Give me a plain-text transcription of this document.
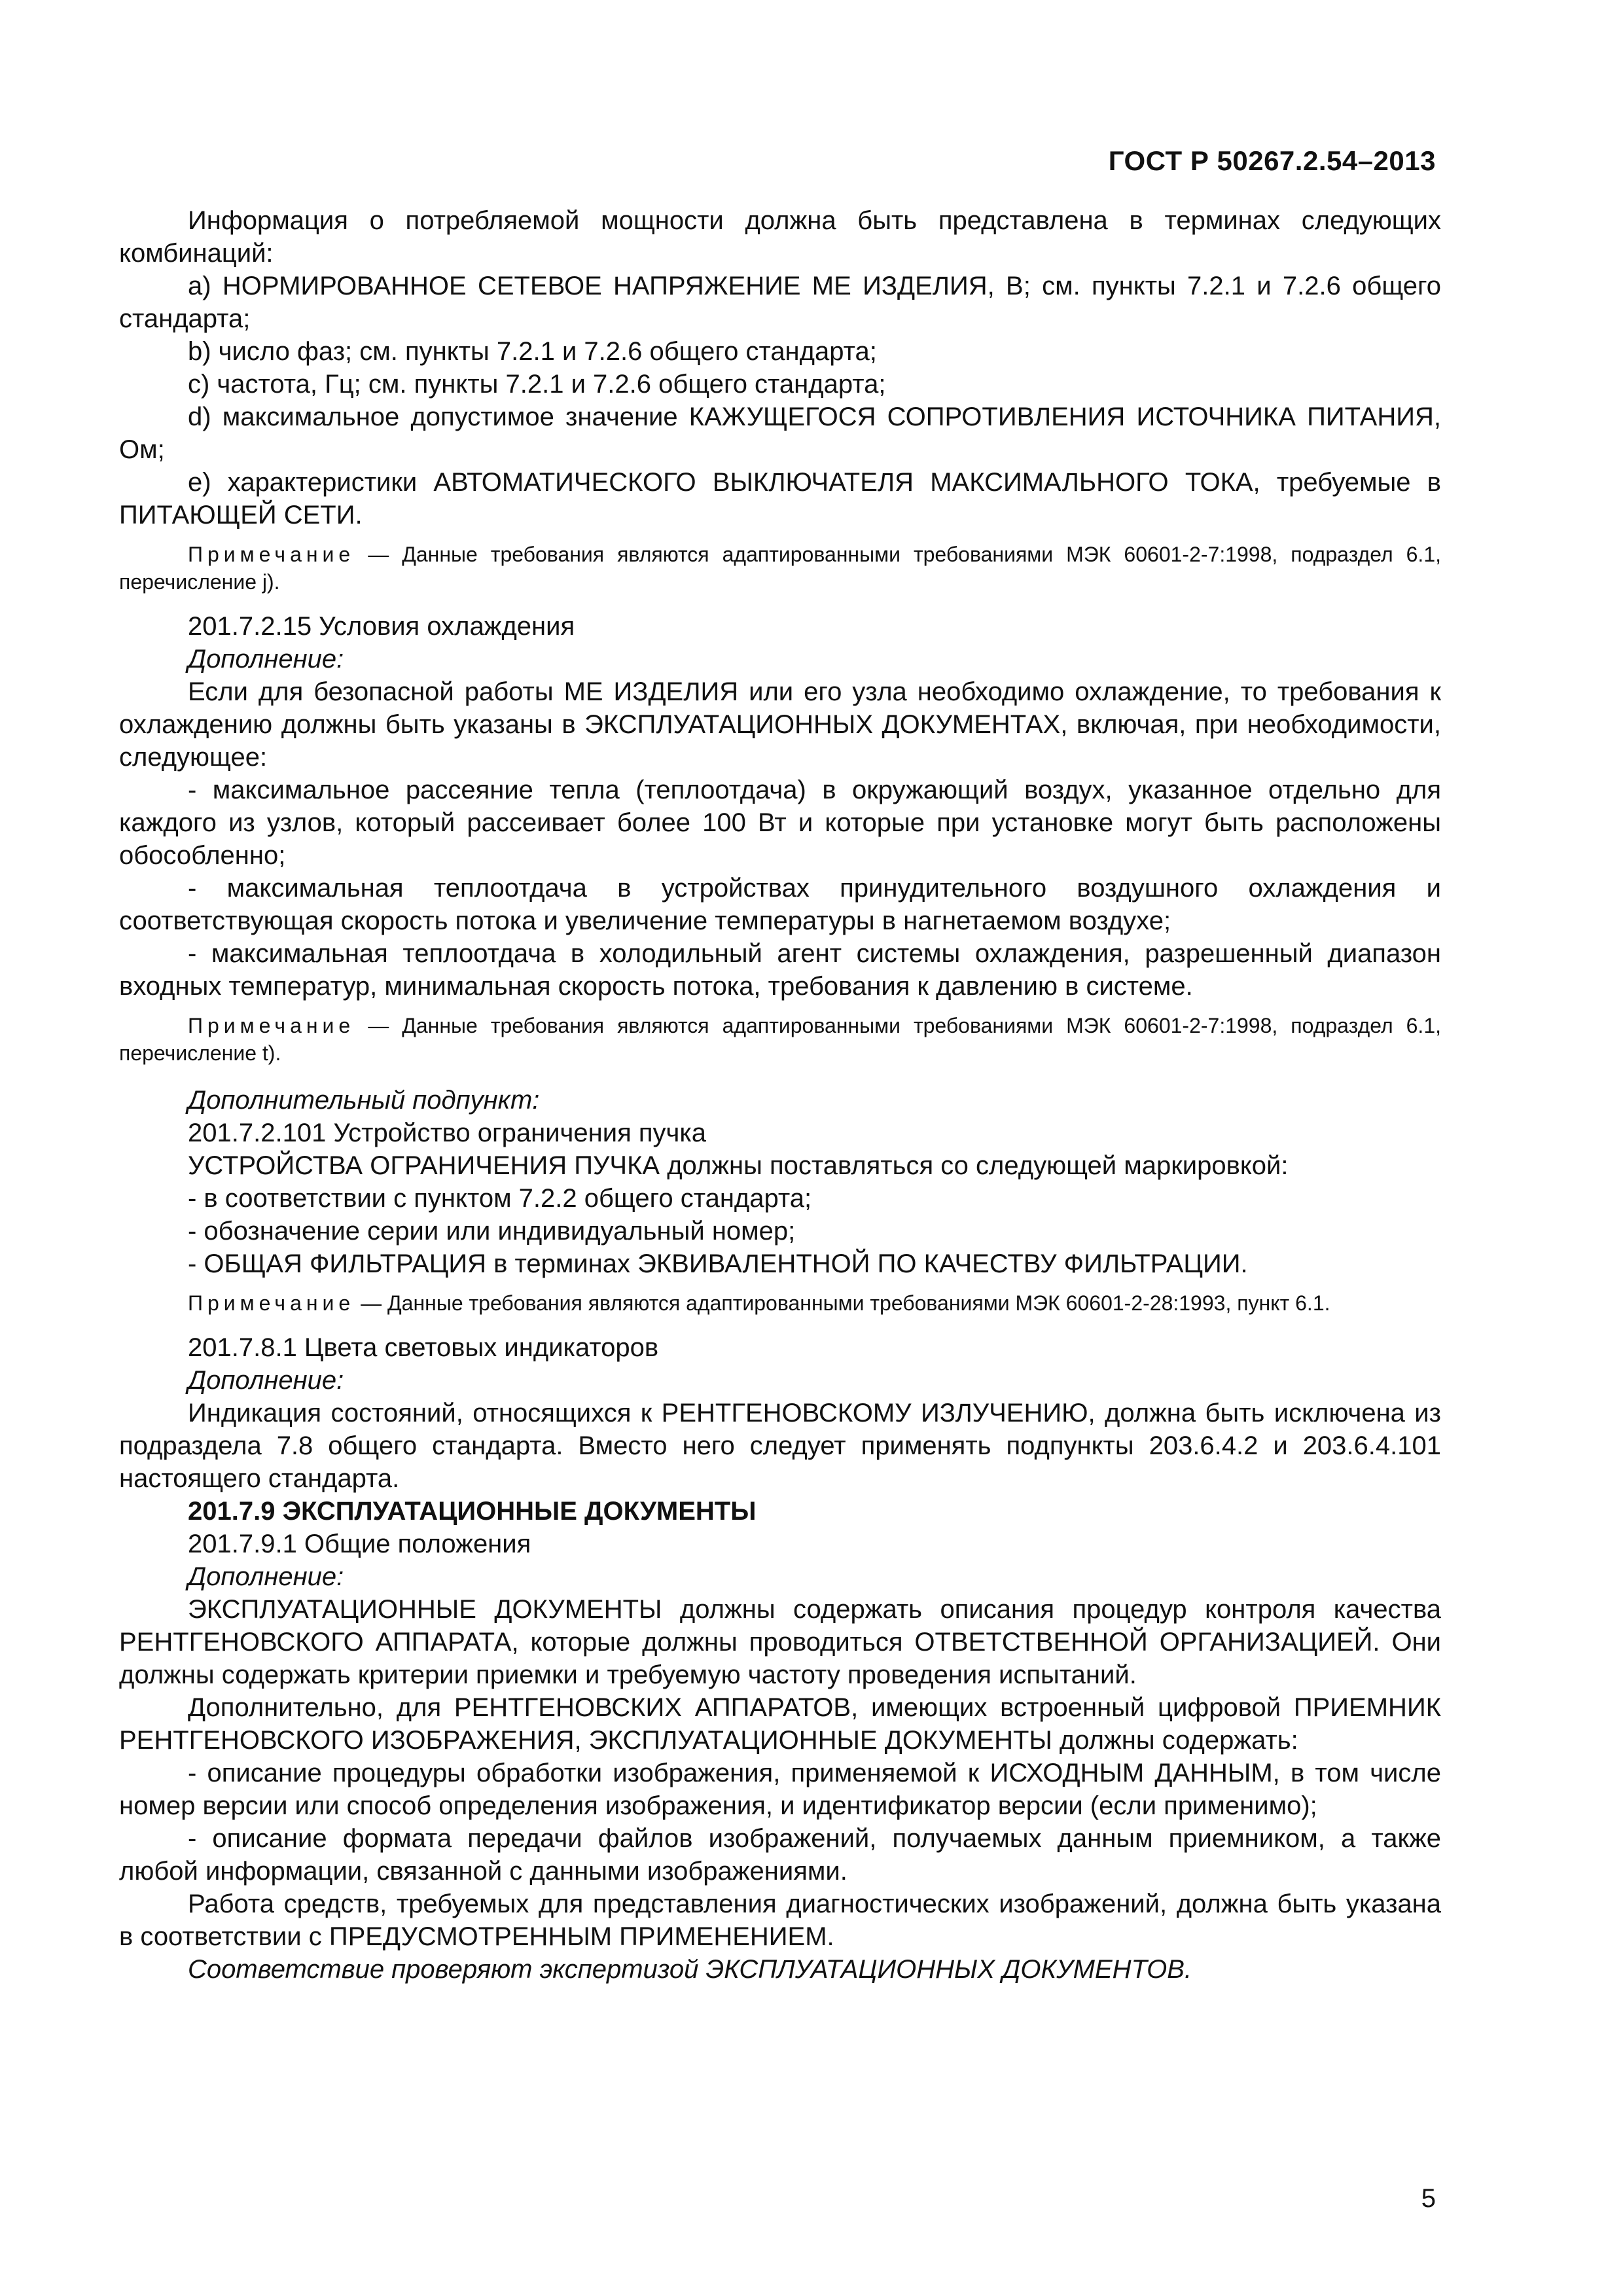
ГОСТ Р 50267.2.54–2013

Информация о потребляемой мощности должна быть представлена в терминах следующих комбинаций:

a) НОРМИРОВАННОЕ СЕТЕВОЕ НАПРЯЖЕНИЕ МЕ ИЗДЕЛИЯ, В; см. пункты 7.2.1 и 7.2.6 общего стандарта;

b) число фаз; см. пункты 7.2.1 и 7.2.6 общего стандарта;

c) частота, Гц; см. пункты 7.2.1 и 7.2.6 общего стандарта;

d) максимальное допустимое значение КАЖУЩЕГОСЯ СОПРОТИВЛЕНИЯ ИСТОЧНИКА ПИТАНИЯ, Ом;

e) характеристики АВТОМАТИЧЕСКОГО ВЫКЛЮЧАТЕЛЯ МАКСИМАЛЬНОГО ТОКА, требуемые в ПИТАЮЩЕЙ СЕТИ.

Примечание — Данные требования являются адаптированными требованиями МЭК 60601-2-7:1998, подраздел 6.1, перечисление j).

201.7.2.15 Условия охлаждения

Дополнение:

Если для безопасной работы МЕ ИЗДЕЛИЯ или его узла необходимо охлаждение, то требования к охлаждению должны быть указаны в ЭКСПЛУАТАЦИОННЫХ ДОКУМЕНТАХ, включая, при необходимости, следующее:

- максимальное рассеяние тепла (теплоотдача) в окружающий воздух, указанное отдельно для каждого из узлов, который рассеивает более 100 Вт и которые при установке могут быть расположены обособленно;

- максимальная теплоотдача в устройствах принудительного воздушного охлаждения и соответствующая скорость потока и увеличение температуры в нагнетаемом воздухе;

- максимальная теплоотдача в холодильный агент системы охлаждения, разрешенный диапазон входных температур, минимальная скорость потока, требования к давлению в системе.

Примечание — Данные требования являются адаптированными требованиями МЭК 60601-2-7:1998, подраздел 6.1, перечисление t).

Дополнительный подпункт:

201.7.2.101 Устройство ограничения пучка

УСТРОЙСТВА ОГРАНИЧЕНИЯ ПУЧКА должны поставляться со следующей маркировкой:

- в соответствии с пунктом 7.2.2 общего стандарта;

- обозначение серии или индивидуальный номер;

- ОБЩАЯ ФИЛЬТРАЦИЯ в терминах ЭКВИВАЛЕНТНОЙ ПО КАЧЕСТВУ ФИЛЬТРАЦИИ.

Примечание — Данные требования являются адаптированными требованиями МЭК 60601-2-28:1993, пункт 6.1.

201.7.8.1 Цвета световых индикаторов

Дополнение:

Индикация состояний, относящихся к РЕНТГЕНОВСКОМУ ИЗЛУЧЕНИЮ, должна быть исключена из подраздела 7.8 общего стандарта. Вместо него следует применять подпункты 203.6.4.2 и 203.6.4.101 настоящего стандарта.

201.7.9 ЭКСПЛУАТАЦИОННЫЕ ДОКУМЕНТЫ

201.7.9.1 Общие положения

Дополнение:

ЭКСПЛУАТАЦИОННЫЕ ДОКУМЕНТЫ должны содержать описания процедур контроля качества РЕНТГЕНОВСКОГО АППАРАТА, которые должны проводиться ОТВЕТСТВЕННОЙ ОРГАНИЗАЦИЕЙ. Они должны содержать критерии приемки и требуемую частоту проведения испытаний.

Дополнительно, для РЕНТГЕНОВСКИХ АППАРАТОВ, имеющих встроенный цифровой ПРИЕМНИК РЕНТГЕНОВСКОГО ИЗОБРАЖЕНИЯ, ЭКСПЛУАТАЦИОННЫЕ ДОКУМЕНТЫ должны содержать:

- описание процедуры обработки изображения, применяемой к ИСХОДНЫМ ДАННЫМ, в том числе номер версии или способ определения изображения, и идентификатор версии (если применимо);

- описание формата передачи файлов изображений, получаемых данным приемником, а также любой информации, связанной с данными изображениями.

Работа средств, требуемых для представления диагностических изображений, должна быть указана в соответствии с ПРЕДУСМОТРЕННЫМ ПРИМЕНЕНИЕМ.

Соответствие проверяют экспертизой ЭКСПЛУАТАЦИОННЫХ ДОКУМЕНТОВ.

5
